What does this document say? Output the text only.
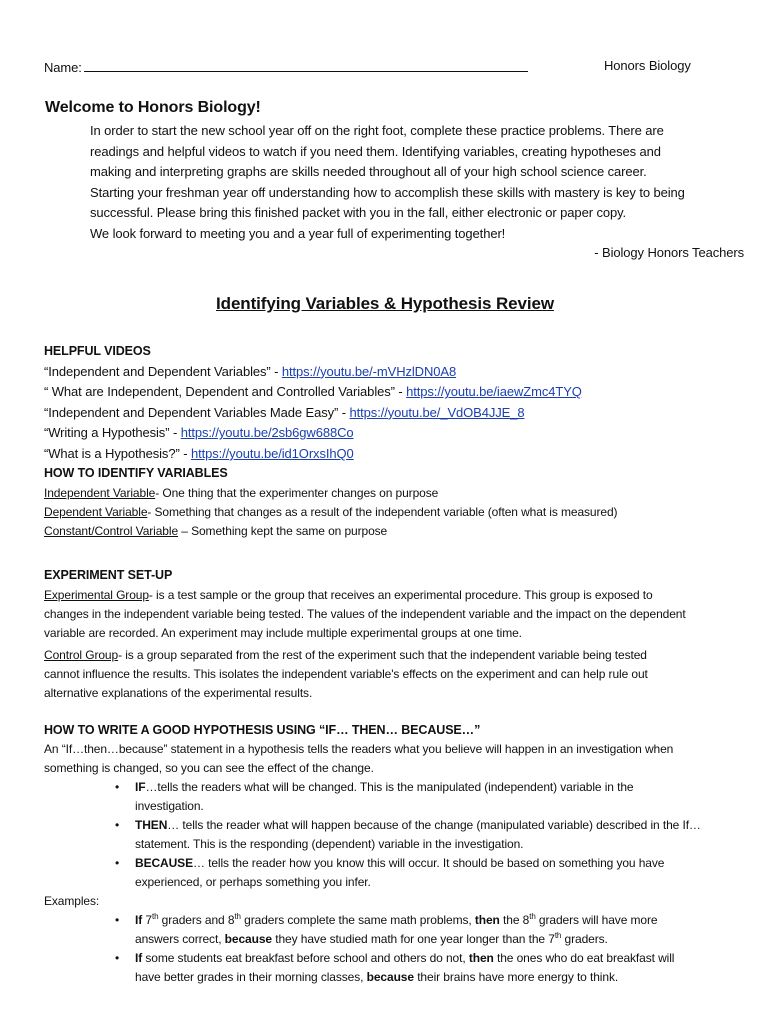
Name:	Honors Biology
Welcome to Honors Biology!
In order to start the new school year off on the right foot, complete these practice problems. There are
readings and helpful videos to watch if you need them. Identifying variables, creating hypotheses and
making and interpreting graphs are skills needed throughout all of your high school science career.
Starting your freshman year off understanding how to accomplish these skills with mastery is key to being
successful. Please bring this finished packet with you in the fall, either electronic or paper copy.
We look forward to meeting you and a year full of experimenting together!
- Biology Honors Teachers
Identifying Variables & Hypothesis Review
HELPFUL VIDEOS
“Independent and Dependent Variables” - https://youtu.be/-mVHzlDN0A8
“ What are Independent, Dependent and Controlled Variables” - https://youtu.be/iaewZmc4TYQ
“Independent and Dependent Variables Made Easy” - https://youtu.be/_VdOB4JJE_8
“Writing a Hypothesis” - https://youtu.be/2sb6gw688Co
“What is a Hypothesis?” - https://youtu.be/id1OrxsIhQ0
HOW TO IDENTIFY VARIABLES
Independent Variable- One thing that the experimenter changes on purpose
Dependent Variable- Something that changes as a result of the independent variable (often what is measured)
Constant/Control Variable – Something kept the same on purpose
EXPERIMENT SET-UP
Experimental Group- is a test sample or the group that receives an experimental procedure. This group is exposed to
changes in the independent variable being tested. The values of the independent variable and the impact on the dependent
variable are recorded. An experiment may include multiple experimental groups at one time.
Control Group- is a group separated from the rest of the experiment such that the independent variable being tested
cannot influence the results. This isolates the independent variable's effects on the experiment and can help rule out
alternative explanations of the experimental results.
HOW TO WRITE A GOOD HYPOTHESIS USING “IF… THEN… BECAUSE…”
An “If…then…because” statement in a hypothesis tells the readers what you believe will happen in an investigation when
something is changed, so you can see the effect of the change.
• IF…tells the readers what will be changed. This is the manipulated (independent) variable in the
investigation.
• THEN… tells the reader what will happen because of the change (manipulated variable) described in the If…
statement. This is the responding (dependent) variable in the investigation.
• BECAUSE… tells the reader how you know this will occur. It should be based on something you have
experienced, or perhaps something you infer.
Examples:
• If 7th graders and 8th graders complete the same math problems, then the 8th graders will have more
answers correct, because they have studied math for one year longer than the 7th graders.
• If some students eat breakfast before school and others do not, then the ones who do eat breakfast will
have better grades in their morning classes, because their brains have more energy to think.
